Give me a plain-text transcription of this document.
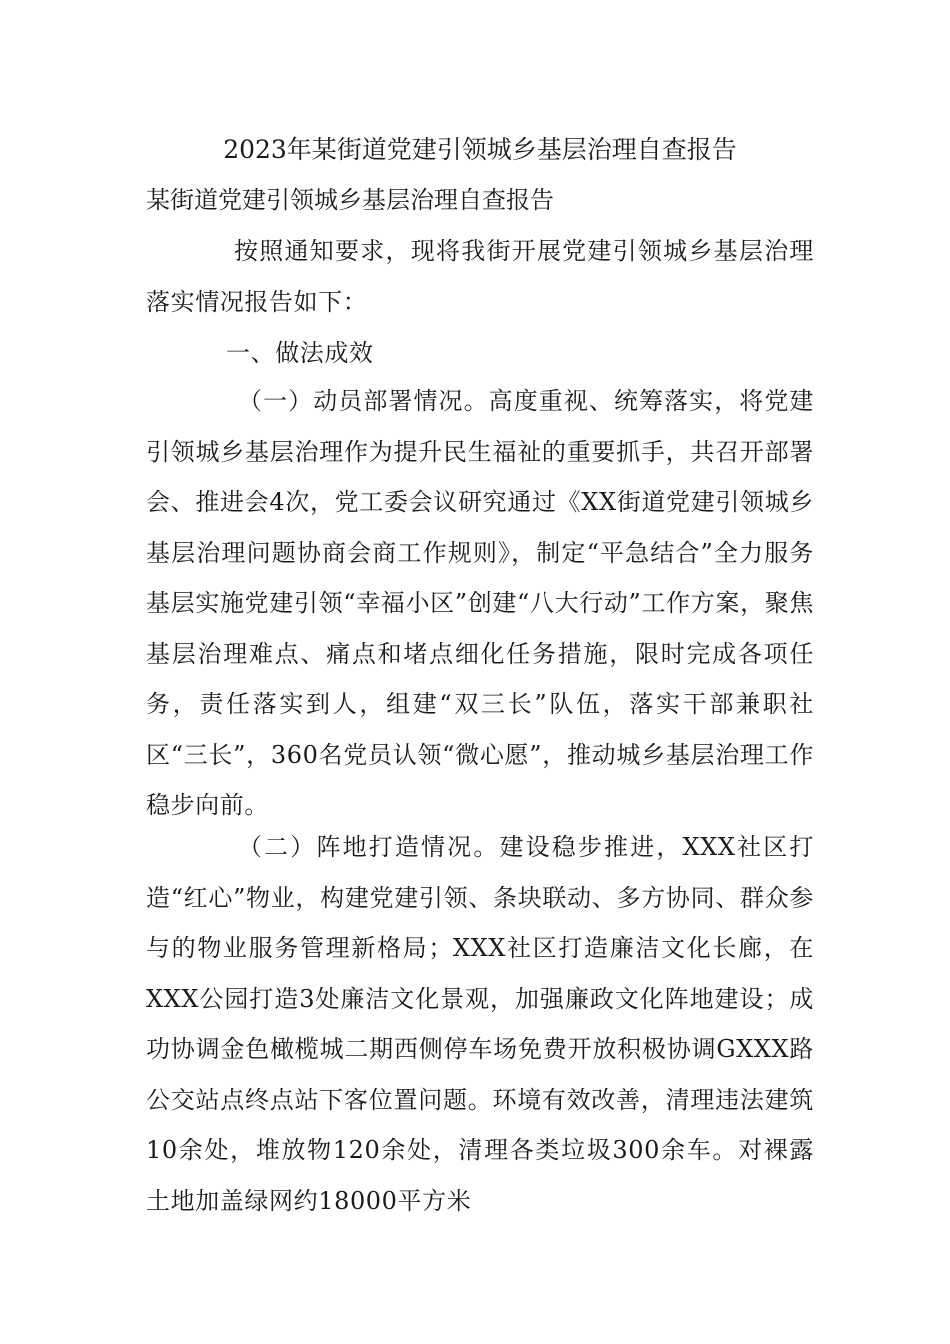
2023年某街道党建引领城乡基层治理自查报告
某街道党建引领城乡基层治理自查报告
按照通知要求，现将我街开展党建引领城乡基层治理落实情况报告如下：
一、做法成效
（一）动员部署情况。高度重视、统筹落实，将党建引领城乡基层治理作为提升民生福祉的重要抓手，共召开部署会、推进会4次，党工委会议研究通过《XX街道党建引领城乡基层治理问题协商会商工作规则》，制定“平急结合”全力服务基层实施党建引领“幸福小区”创建“八大行动”工作方案，聚焦基层治理难点、痛点和堵点细化任务措施，限时完成各项任务，责任落实到人，组建“双三长”队伍，落实干部兼职社区“三长”，360名党员认领“微心愿”，推动城乡基层治理工作稳步向前。
（二）阵地打造情况。建设稳步推进，XXX社区打造“红心”物业，构建党建引领、条块联动、多方协同、群众参与的物业服务管理新格局；XXX社区打造廉洁文化长廊，在XXX公园打造3处廉洁文化景观，加强廉政文化阵地建设；成功协调金色橄榄城二期西侧停车场免费开放积极协调GXXX路公交站点终点站下客位置问题。环境有效改善，清理违法建筑10余处，堆放物120余处，清理各类垃圾300余车。对裸露土地加盖绿网约18000平方米
